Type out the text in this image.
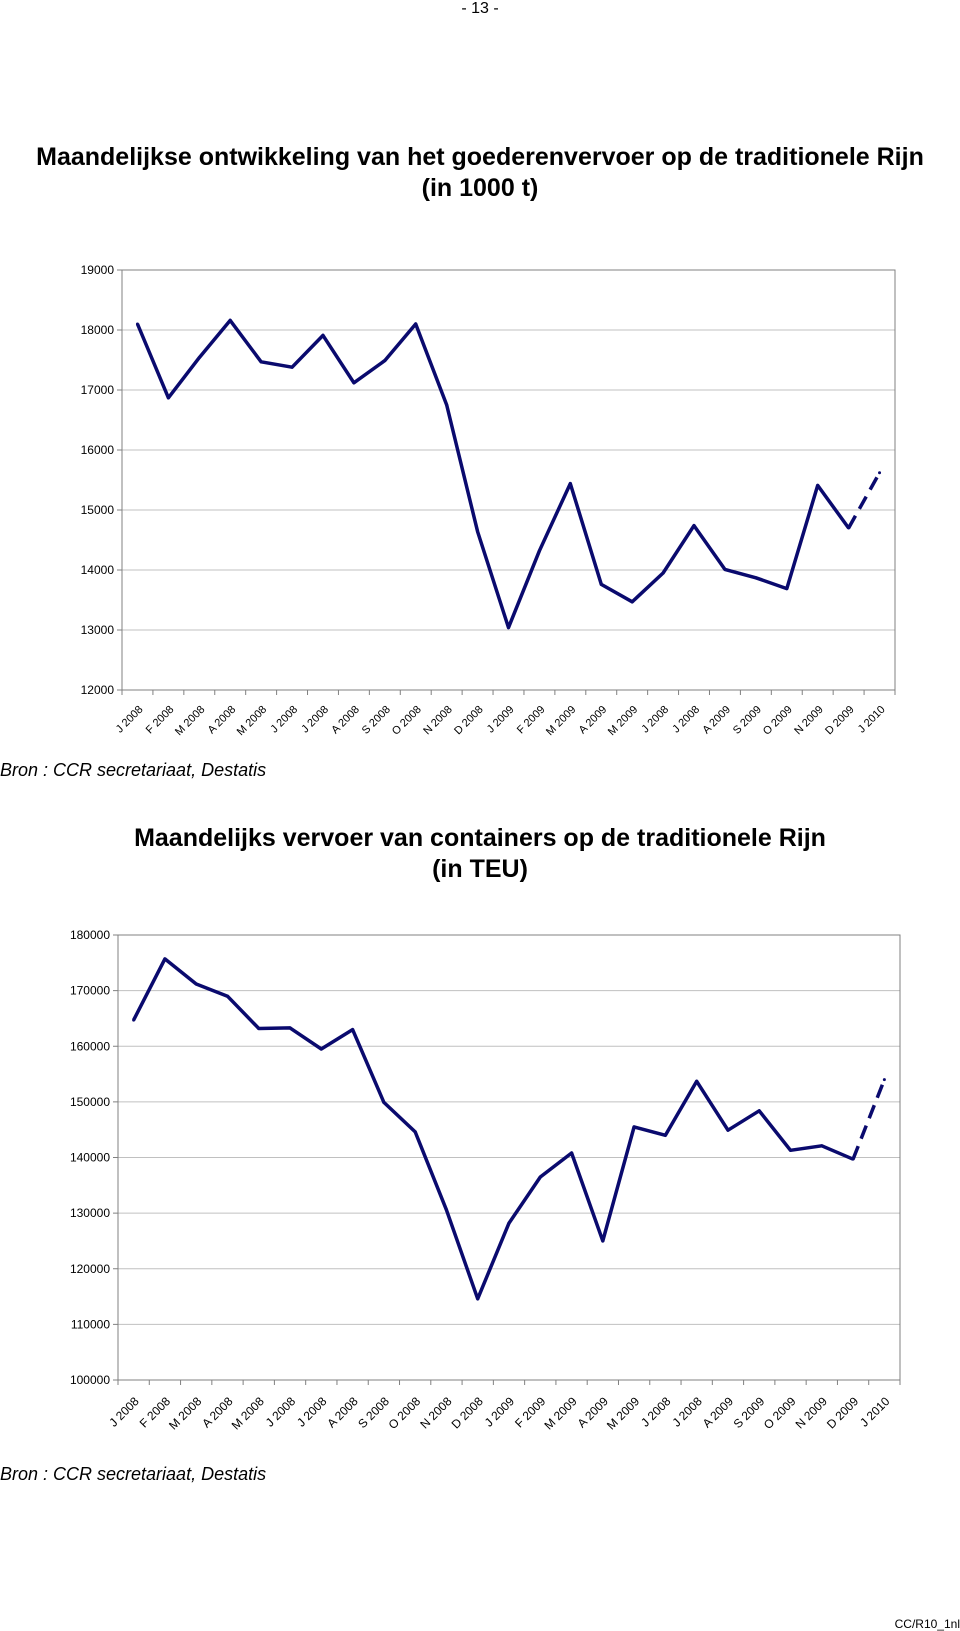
- 13 -
Maandelijkse ontwikkeling van het goederenvervoer op de traditionele Rijn
(in 1000 t)
12000
13000
14000
15000
16000
17000
18000
19000
J 2008
F 2008
M 2008
A 2008
M 2008 J 2008 J 2008
A 2008
S 2008
O 2008
N 2008
D 2008 J 2009
F 2009
M 2009
A 2009
M 2009 J 2008 J 2008
A 2009
S 2009
O 2009
N 2009
D 2009 J 2010
Bron : CCR secretariaat, Destatis
Maandelijks vervoer van containers op de traditionele Rijn
(in TEU)
100000
110000
120000
130000
140000
150000
160000
170000
180000
J 2008
F 2008
M 2008
A 2008
M 2008
J 2008
J 2008
A 2008
S 2008
O 2008
N 2008
D 2008
J 2009
F 2009
M 2009
A 2009
M 2009
J 2008
J 2008
A 2009
S 2009
O 2009
N 2009
D 2009
J 2010
Bron : CCR secretariaat, Destatis
CC/R10_1nl
